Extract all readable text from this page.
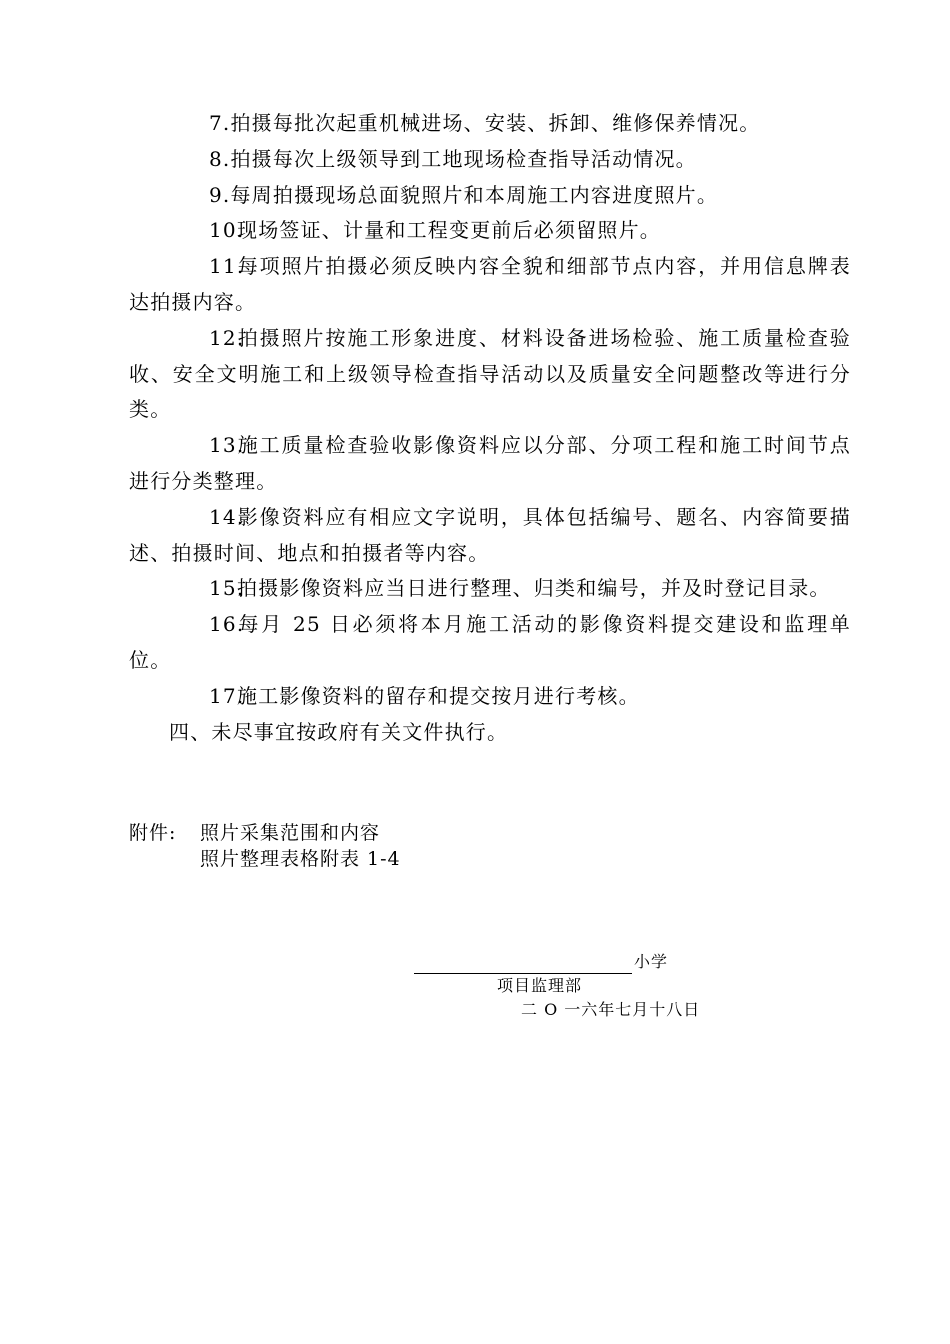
7.拍摄每批次起重机械进场、安装、拆卸、维修保养情况。

8.拍摄每次上级领导到工地现场检查指导活动情况。

9.每周拍摄现场总面貌照片和本周施工内容进度照片。

10.现场签证、计量和工程变更前后必须留照片。

11.每项照片拍摄必须反映内容全貌和细部节点内容，并用信息牌表达拍摄内容。

12.拍摄照片按施工形象进度、材料设备进场检验、施工质量检查验收、安全文明施工和上级领导检查指导活动以及质量安全问题整改等进行分类。

13.施工质量检查验收影像资料应以分部、分项工程和施工时间节点进行分类整理。

14.影像资料应有相应文字说明，具体包括编号、题名、内容简要描述、拍摄时间、地点和拍摄者等内容。

15.拍摄影像资料应当日进行整理、归类和编号，并及时登记目录。

16.每月 25 日必须将本月施工活动的影像资料提交建设和监理单位。

17.施工影像资料的留存和提交按月进行考核。

四、未尽事宜按政府有关文件执行。

附件:	照片采集范围和内容
照片整理表格附表 1-4
小学
项目监理部
二 O 一六年七月十八日
